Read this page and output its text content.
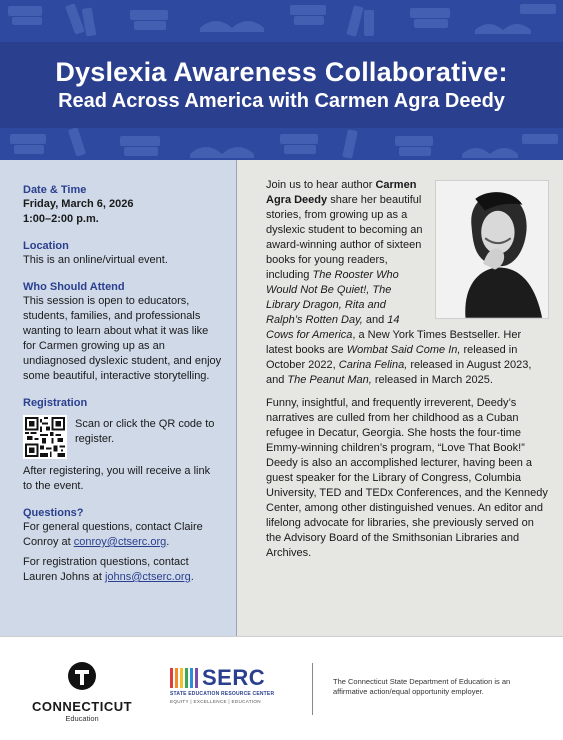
Dyslexia Awareness Collaborative:
Read Across America with Carmen Agra Deedy
Date & Time
Friday, March 6, 2026
1:00–2:00 p.m.
Location
This is an online/virtual event.
Who Should Attend
This session is open to educators, students, families, and professionals wanting to learn about what it was like for Carmen growing up as an undiagnosed dyslexic student, and enjoy some beautiful, interactive storytelling.
Registration
Scan or click the QR code to register.
After registering, you will receive a link to the event.
Questions?
For general questions, contact Claire Conroy at conroy@ctserc.org.
For registration questions, contact Lauren Johns at johns@ctserc.org.

Join us to hear author Carmen Agra Deedy share her beautiful stories, from growing up as a dyslexic student to becoming an award-winning author of sixteen books for young readers, including The Rooster Who Would Not Be Quiet!, The Library Dragon, Rita and Ralph’s Rotten Day, and 14 Cows for America, a New York Times Bestseller. Her latest books are Wombat Said Come In, released in October 2022, Carina Felina, released in August 2023, and The Peanut Man, released in March 2025.

Funny, insightful, and frequently irreverent, Deedy’s narratives are culled from her childhood as a Cuban refugee in Decatur, Georgia. She hosts the four-time Emmy-winning children’s program, “Love That Book!” Deedy is also an accomplished lecturer, having been a guest speaker for the Library of Congress, Columbia University, TED and TEDx Conferences, and the Kennedy Center, among other distinguished venues. An editor and lifelong advocate for libraries, she previously served on the Advisory Board of the Smithsonian Libraries and Archives.

CONNECTICUT
Education
SERC
STATE EDUCATION RESOURCE CENTER
EQUITY | EXCELLENCE | EDUCATION
The Connecticut State Department of Education is an affirmative action/equal opportunity employer.
